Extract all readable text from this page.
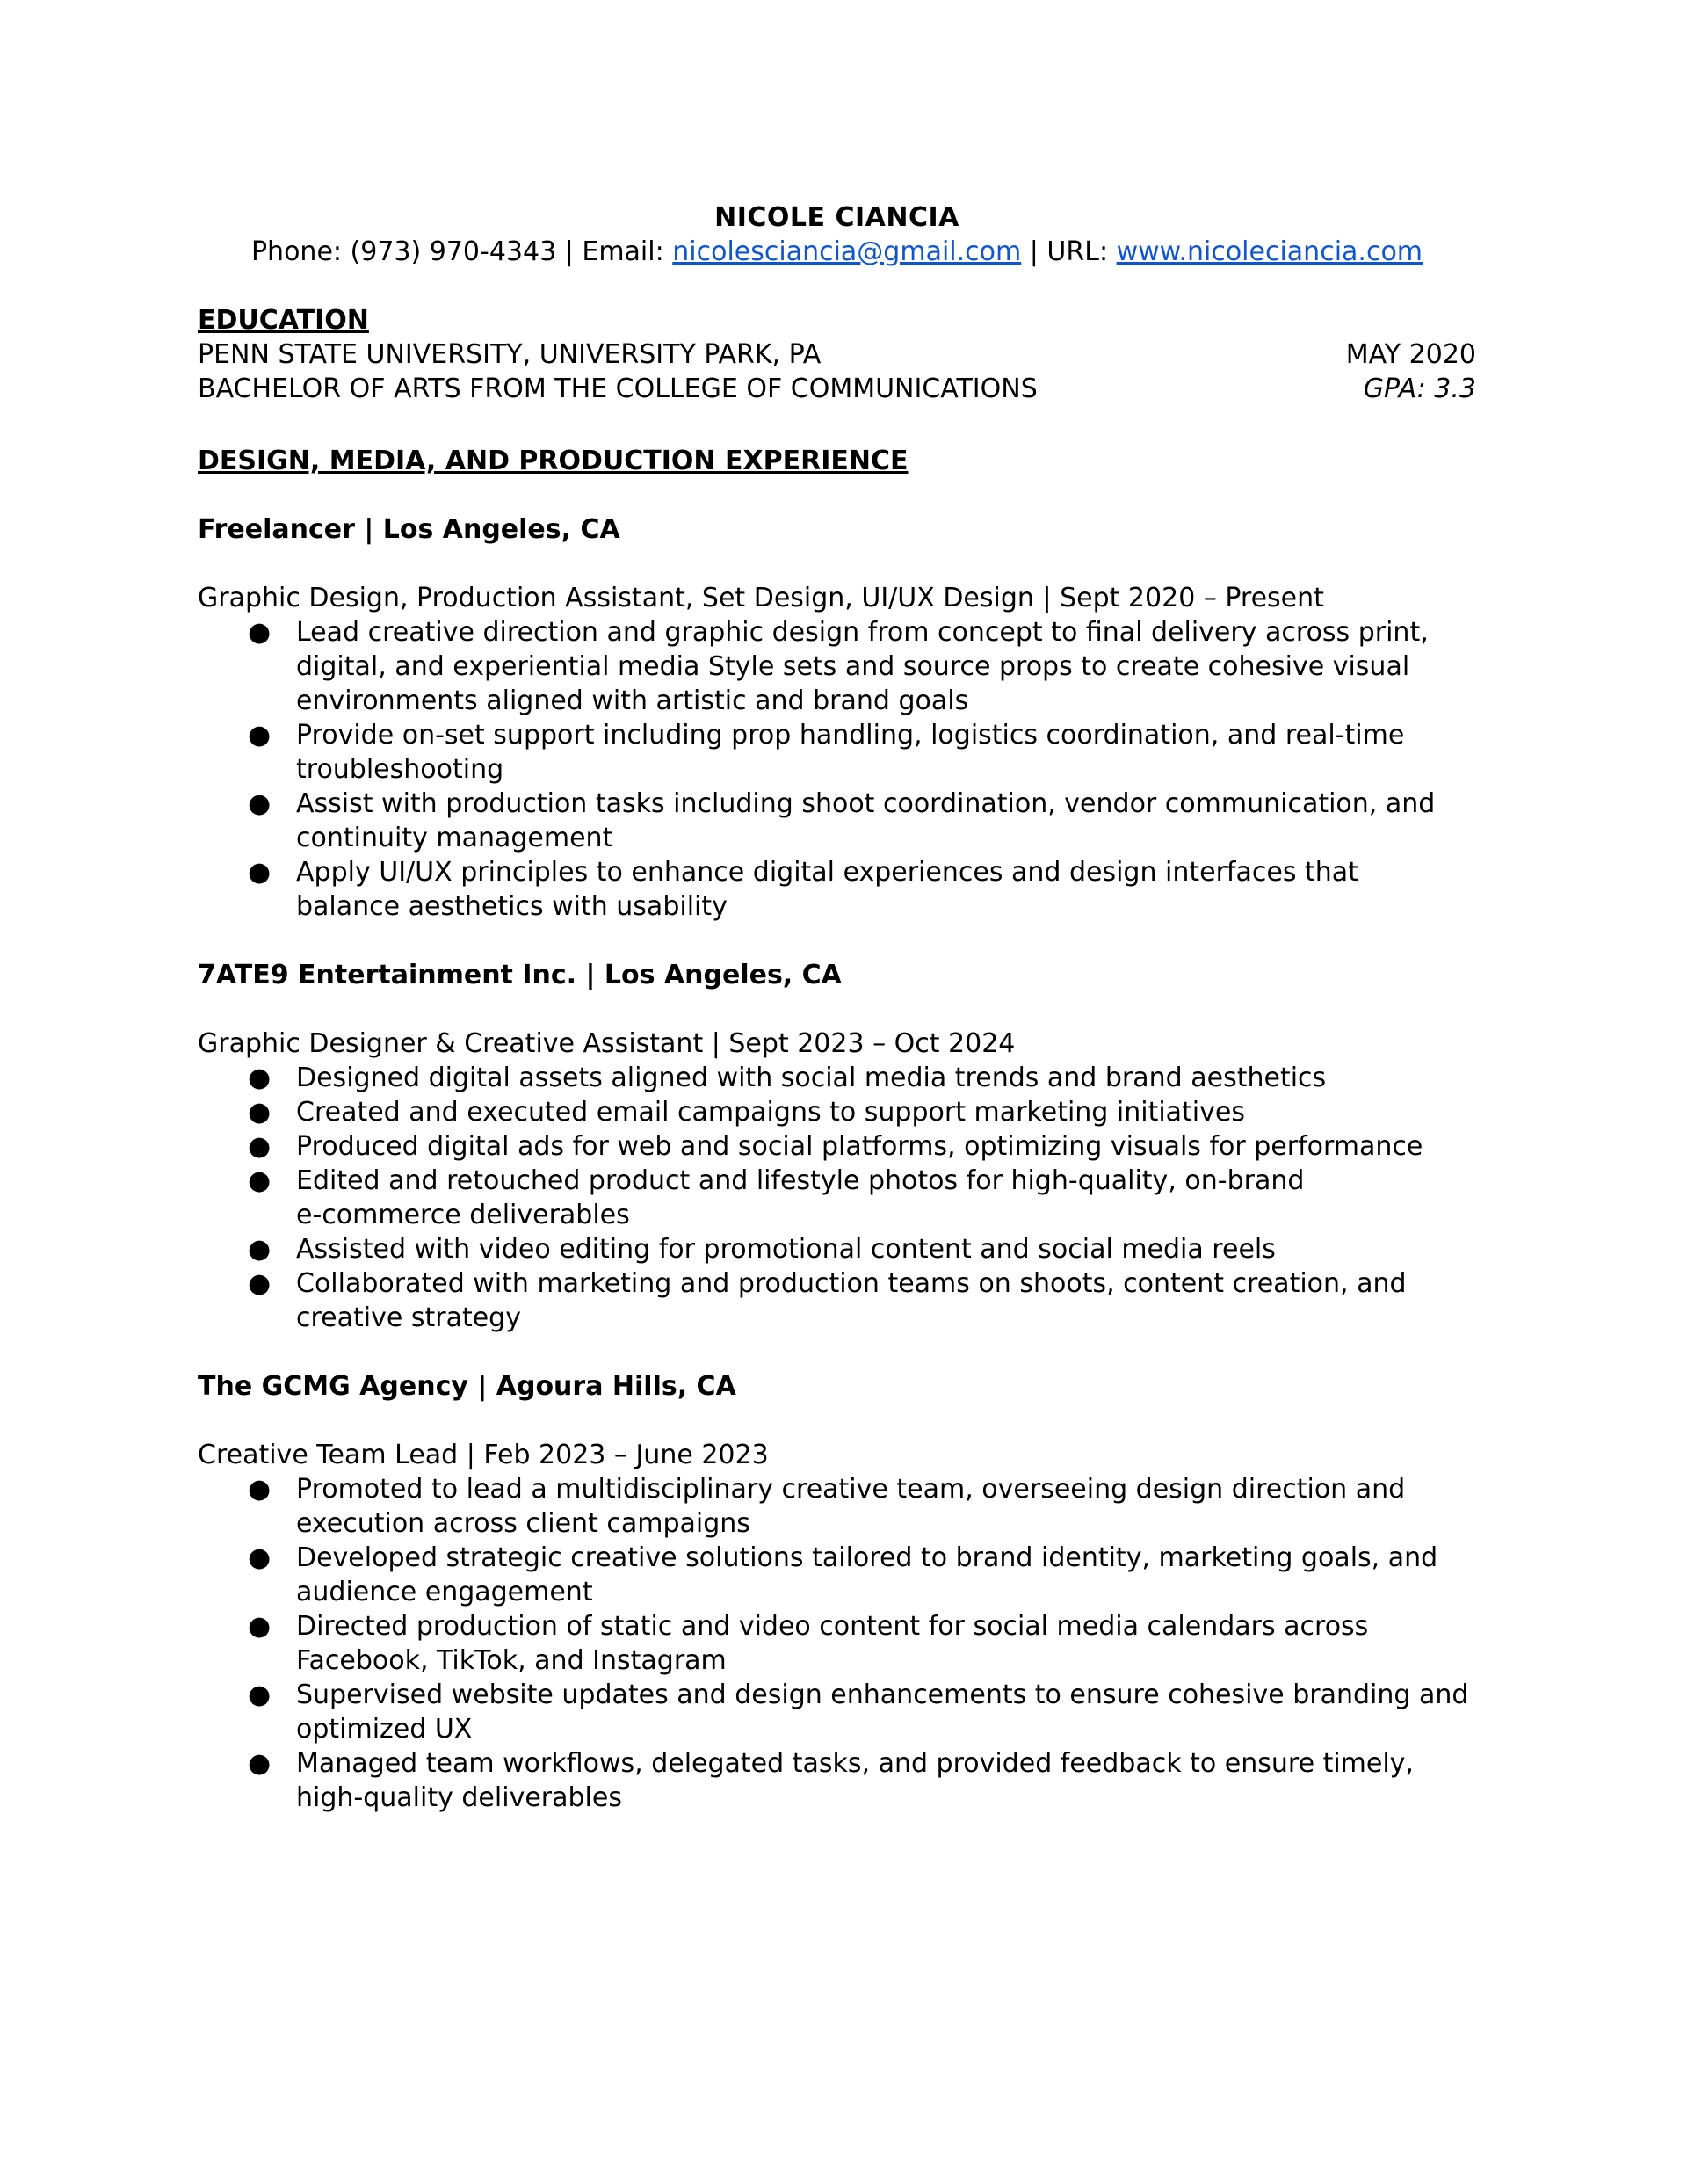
NICOLE CIANCIA
Phone: (973) 970-4343 | Email: nicolesciancia@gmail.com | URL: www.nicoleciancia.com
EDUCATION
PENN STATE UNIVERSITY, UNIVERSITY PARK, PA	MAY 2020
BACHELOR OF ARTS FROM THE COLLEGE OF COMMUNICATIONS	GPA: 3.3
DESIGN, MEDIA, AND PRODUCTION EXPERIENCE
Freelancer | Los Angeles, CA
Graphic Design, Production Assistant, Set Design, UI/UX Design | Sept 2020 – Present
● Lead creative direction and graphic design from concept to final delivery across print,
digital, and experiential media Style sets and source props to create cohesive visual
environments aligned with artistic and brand goals
● Provide on-set support including prop handling, logistics coordination, and real-time
troubleshooting
● Assist with production tasks including shoot coordination, vendor communication, and
continuity management
● Apply UI/UX principles to enhance digital experiences and design interfaces that
balance aesthetics with usability
7ATE9 Entertainment Inc. | Los Angeles, CA
Graphic Designer & Creative Assistant | Sept 2023 – Oct 2024
● Designed digital assets aligned with social media trends and brand aesthetics
● Created and executed email campaigns to support marketing initiatives
● Produced digital ads for web and social platforms, optimizing visuals for performance
● Edited and retouched product and lifestyle photos for high-quality, on-brand
e-commerce deliverables
● Assisted with video editing for promotional content and social media reels
● Collaborated with marketing and production teams on shoots, content creation, and
creative strategy
The GCMG Agency | Agoura Hills, CA
Creative Team Lead | Feb 2023 – June 2023
● Promoted to lead a multidisciplinary creative team, overseeing design direction and
execution across client campaigns
● Developed strategic creative solutions tailored to brand identity, marketing goals, and
audience engagement
● Directed production of static and video content for social media calendars across
Facebook, TikTok, and Instagram
● Supervised website updates and design enhancements to ensure cohesive branding and
optimized UX
● Managed team workflows, delegated tasks, and provided feedback to ensure timely,
high-quality deliverables
